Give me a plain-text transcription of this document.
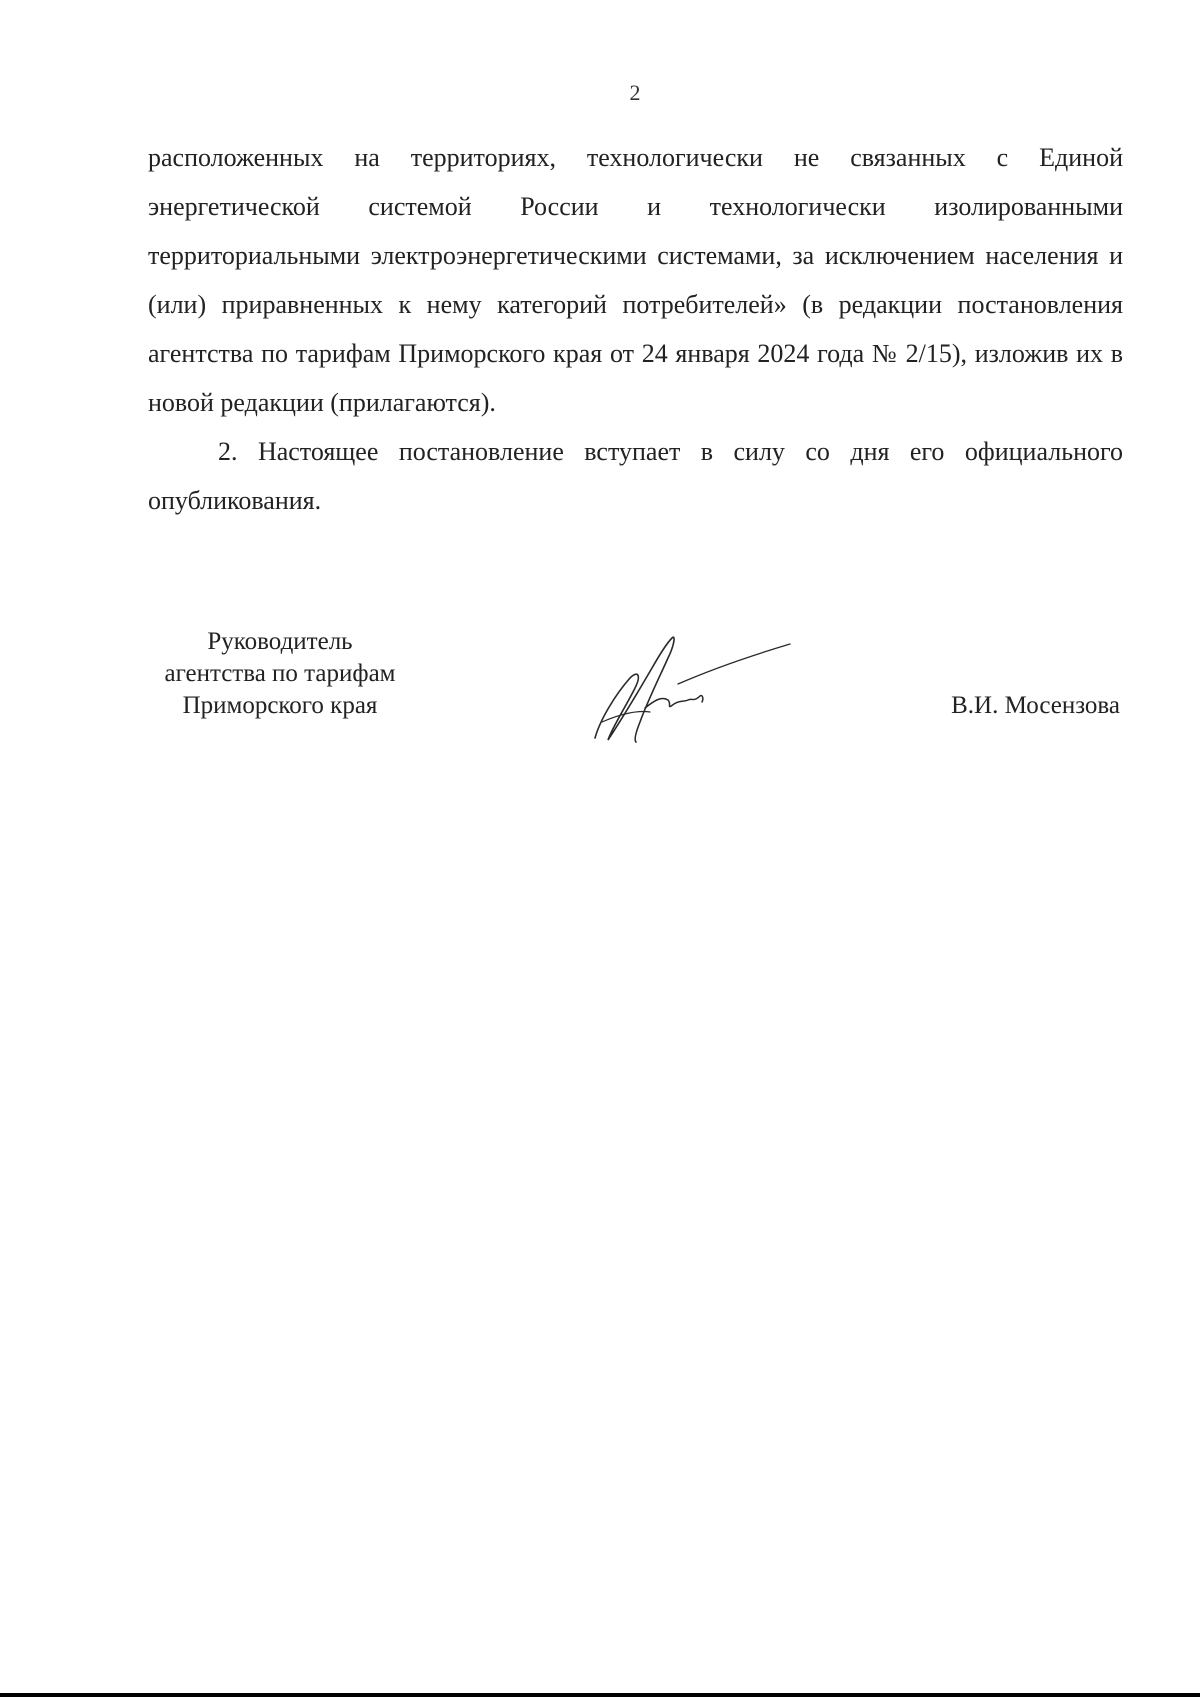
2

расположенных на территориях, технологически не связанных с Единой энергетической системой России и технологически изолированными территориальными электроэнергетическими системами, за исключением населения и (или) приравненных к нему категорий потребителей» (в редакции постановления агентства по тарифам Приморского края от 24 января 2024 года № 2/15), изложив их в новой редакции (прилагаются).

2. Настоящее постановление вступает в силу со дня его официального опубликования.

Руководитель
агентства по тарифам
Приморского края	В.И. Мосензова
